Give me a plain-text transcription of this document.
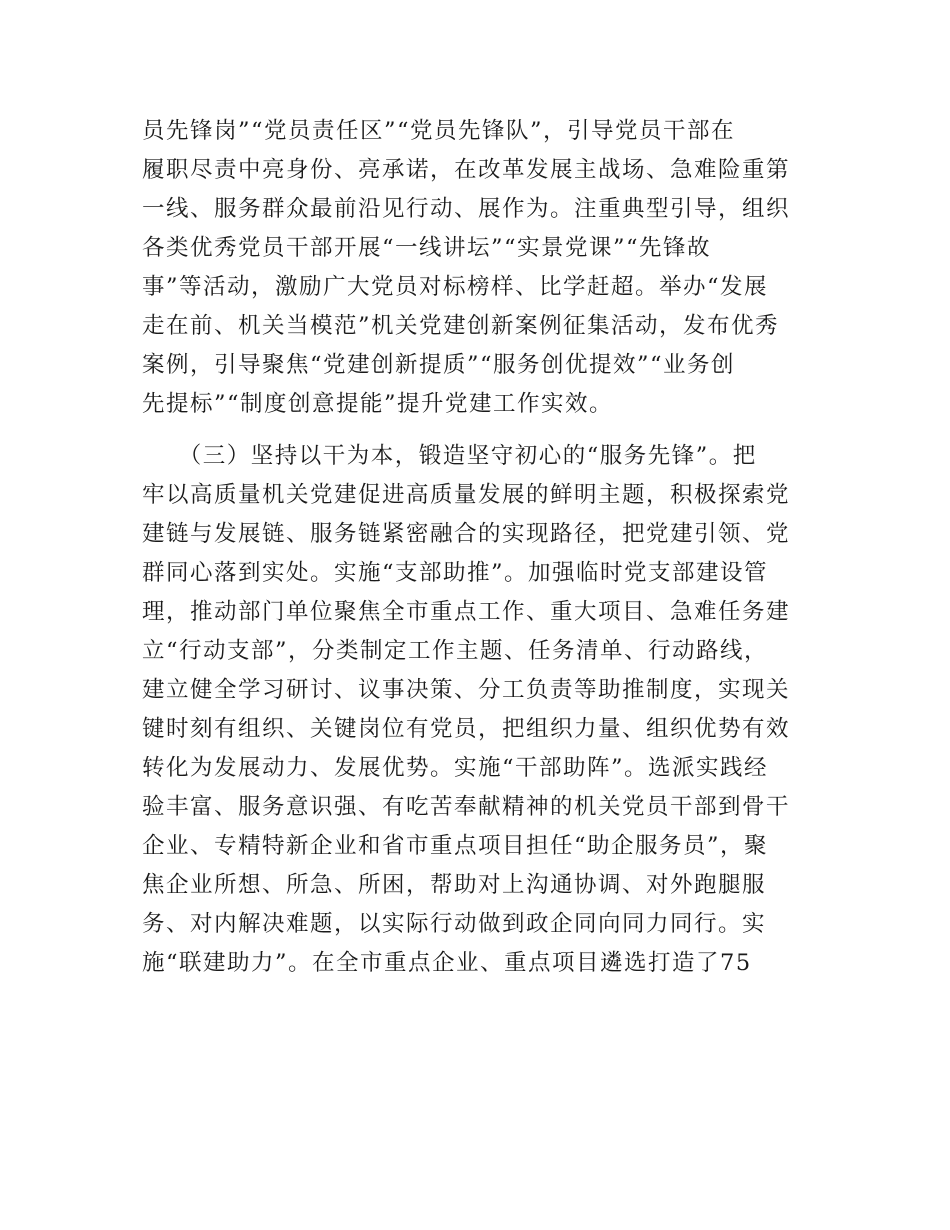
员先锋岗”“党员责任区”“党员先锋队”，引导党员干部在
履职尽责中亮身份、亮承诺，在改革发展主战场、急难险重第
一线、服务群众最前沿见行动、展作为。注重典型引导，组织
各类优秀党员干部开展“一线讲坛”“实景党课”“先锋故
事”等活动，激励广大党员对标榜样、比学赶超。举办“发展
走在前、机关当模范”机关党建创新案例征集活动，发布优秀
案例，引导聚焦“党建创新提质”“服务创优提效”“业务创
先提标”“制度创意提能”提升党建工作实效。
　　（三）坚持以干为本，锻造坚守初心的“服务先锋”。把
牢以高质量机关党建促进高质量发展的鲜明主题，积极探索党
建链与发展链、服务链紧密融合的实现路径，把党建引领、党
群同心落到实处。实施“支部助推”。加强临时党支部建设管
理，推动部门单位聚焦全市重点工作、重大项目、急难任务建
立“行动支部”，分类制定工作主题、任务清单、行动路线，
建立健全学习研讨、议事决策、分工负责等助推制度，实现关
键时刻有组织、关键岗位有党员，把组织力量、组织优势有效
转化为发展动力、发展优势。实施“干部助阵”。选派实践经
验丰富、服务意识强、有吃苦奉献精神的机关党员干部到骨干
企业、专精特新企业和省市重点项目担任“助企服务员”，聚
焦企业所想、所急、所困，帮助对上沟通协调、对外跑腿服
务、对内解决难题，以实际行动做到政企同向同力同行。实
施“联建助力”。在全市重点企业、重点项目遴选打造了75
